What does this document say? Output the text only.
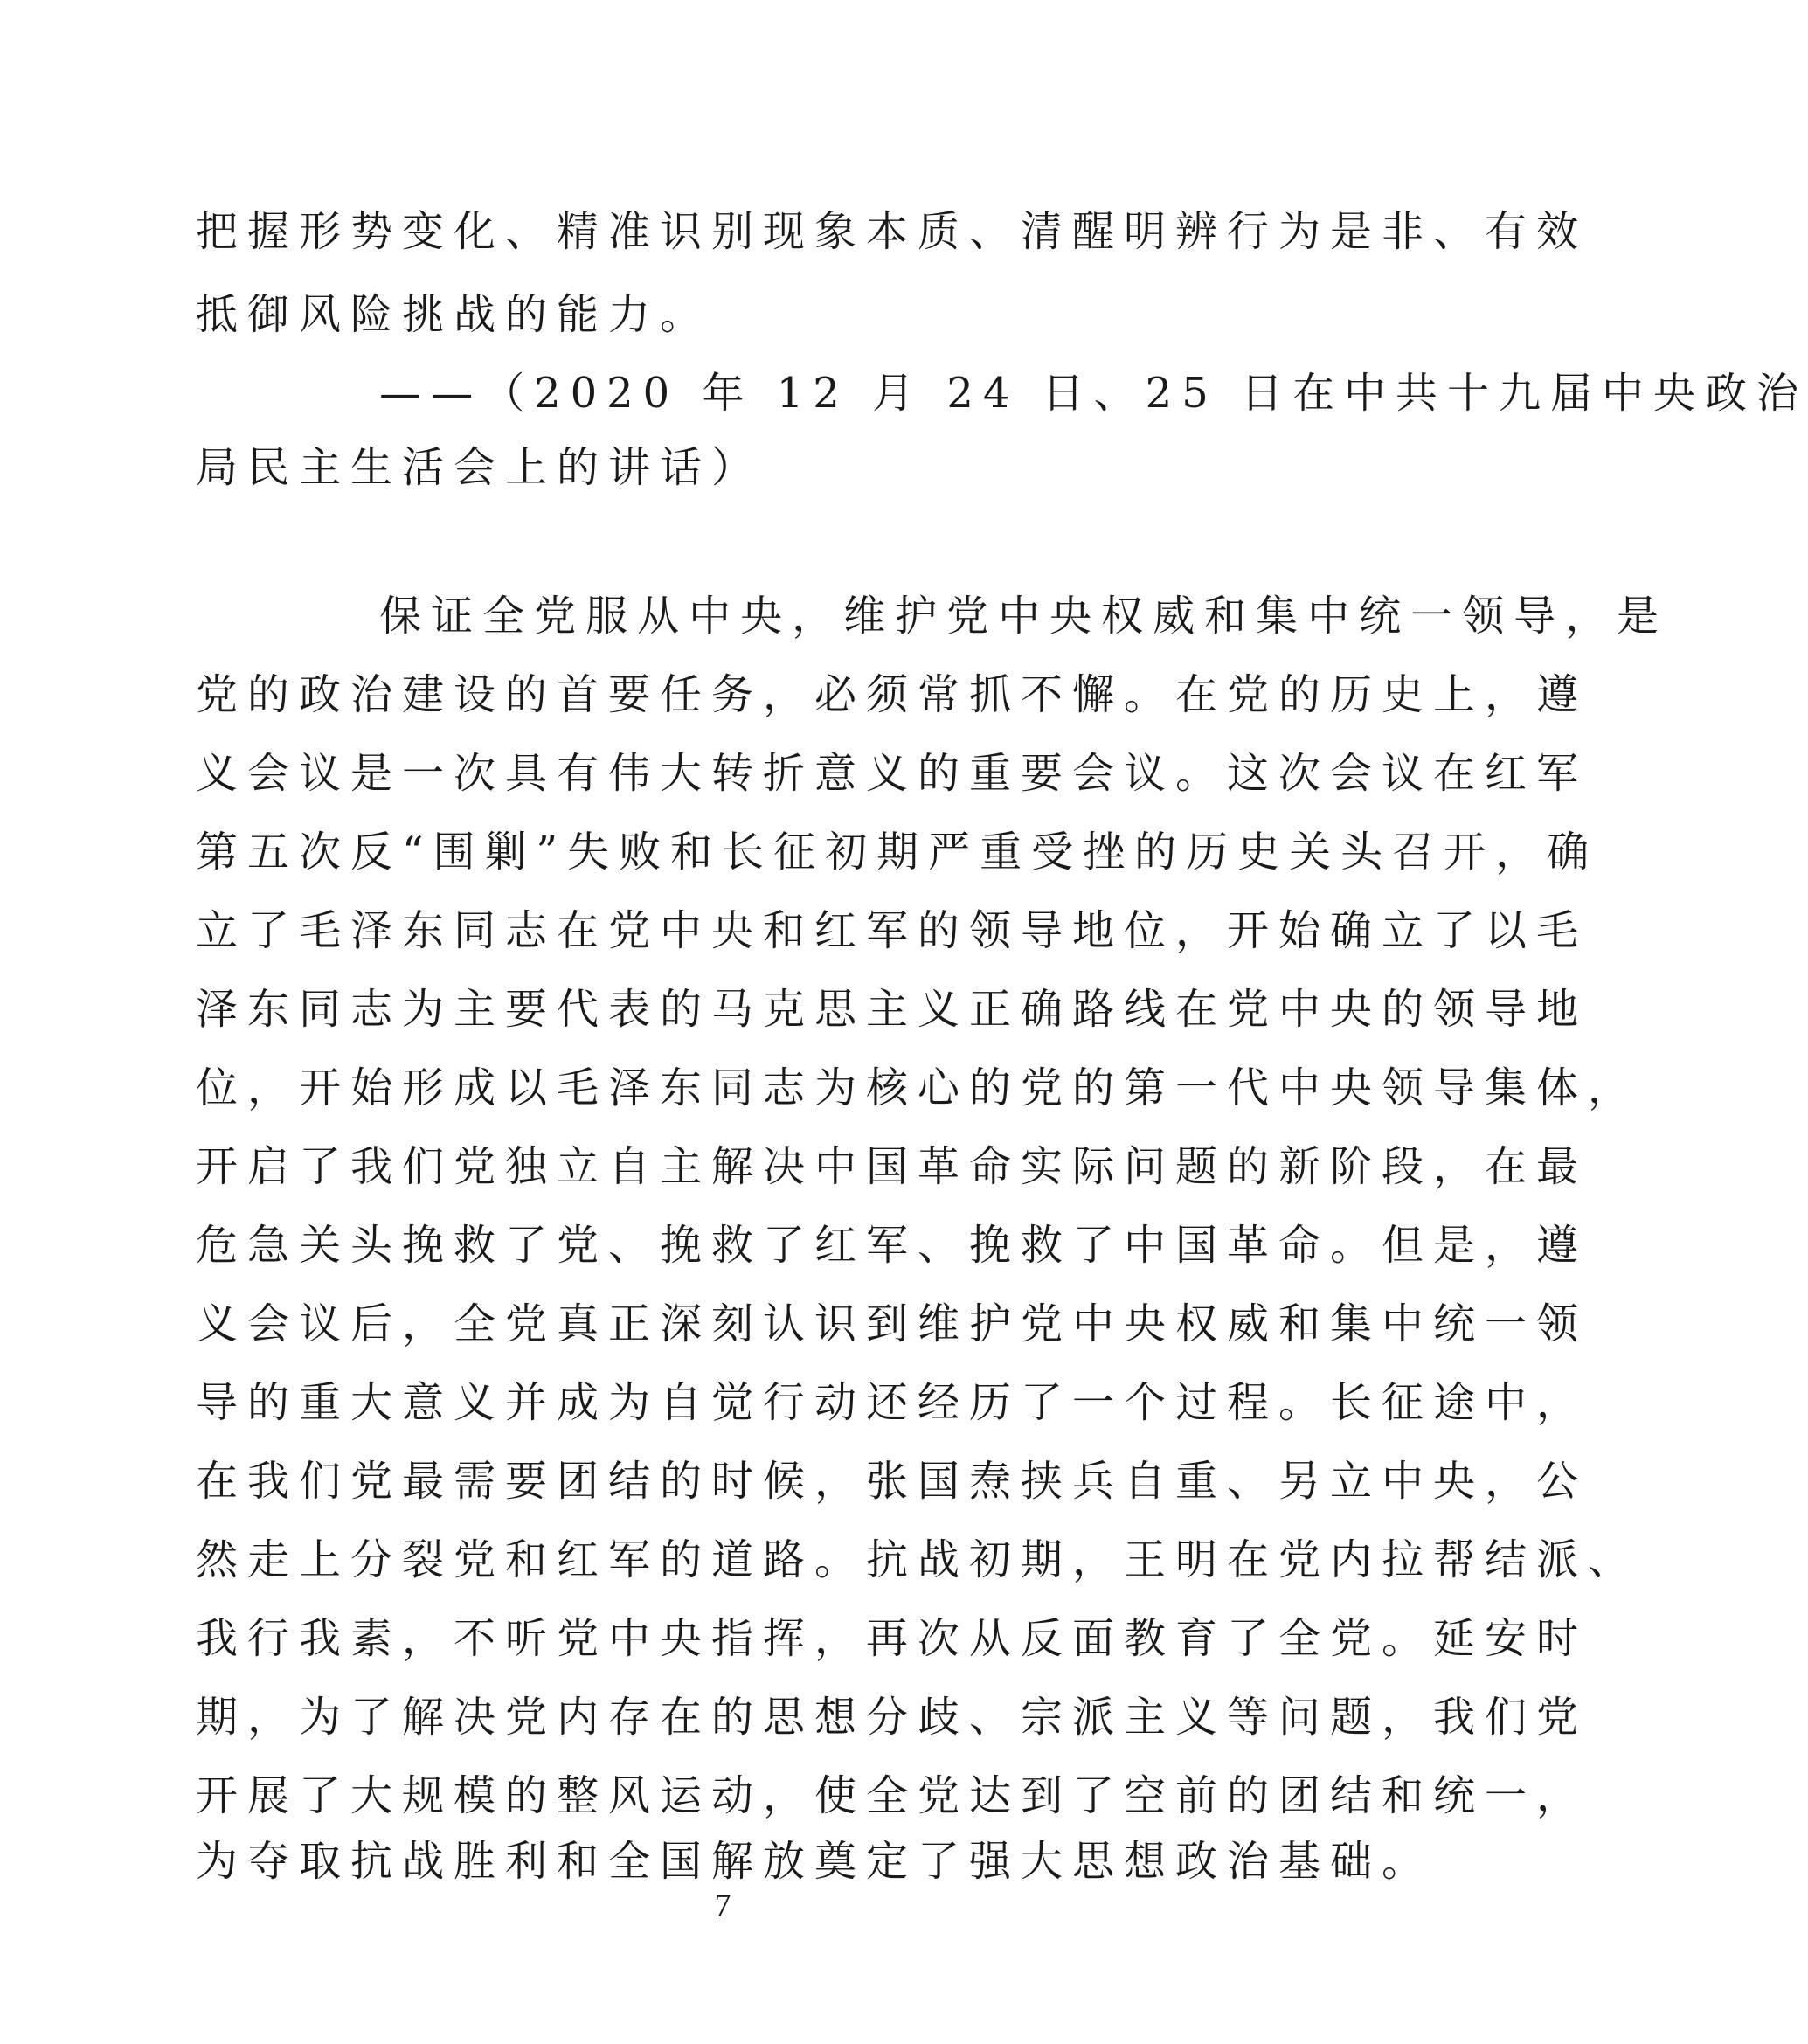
把握形势变化、精准识别现象本质、清醒明辨行为是非、有效
抵御风险挑战的能力。
——（2020 年 12 月 24 日、25 日在中共十九届中央政治
局民主生活会上的讲话）
保证全党服从中央，维护党中央权威和集中统一领导，是
党的政治建设的首要任务，必须常抓不懈。在党的历史上，遵
义会议是一次具有伟大转折意义的重要会议。这次会议在红军
第五次反“围剿”失败和长征初期严重受挫的历史关头召开，确
立了毛泽东同志在党中央和红军的领导地位，开始确立了以毛
泽东同志为主要代表的马克思主义正确路线在党中央的领导地
位，开始形成以毛泽东同志为核心的党的第一代中央领导集体，
开启了我们党独立自主解决中国革命实际问题的新阶段，在最
危急关头挽救了党、挽救了红军、挽救了中国革命。但是，遵
义会议后，全党真正深刻认识到维护党中央权威和集中统一领
导的重大意义并成为自觉行动还经历了一个过程。长征途中，
在我们党最需要团结的时候，张国焘挟兵自重、另立中央，公
然走上分裂党和红军的道路。抗战初期，王明在党内拉帮结派、
我行我素，不听党中央指挥，再次从反面教育了全党。延安时
期，为了解决党内存在的思想分歧、宗派主义等问题，我们党
开展了大规模的整风运动，使全党达到了空前的团结和统一，
为夺取抗战胜利和全国解放奠定了强大思想政治基础。
7
